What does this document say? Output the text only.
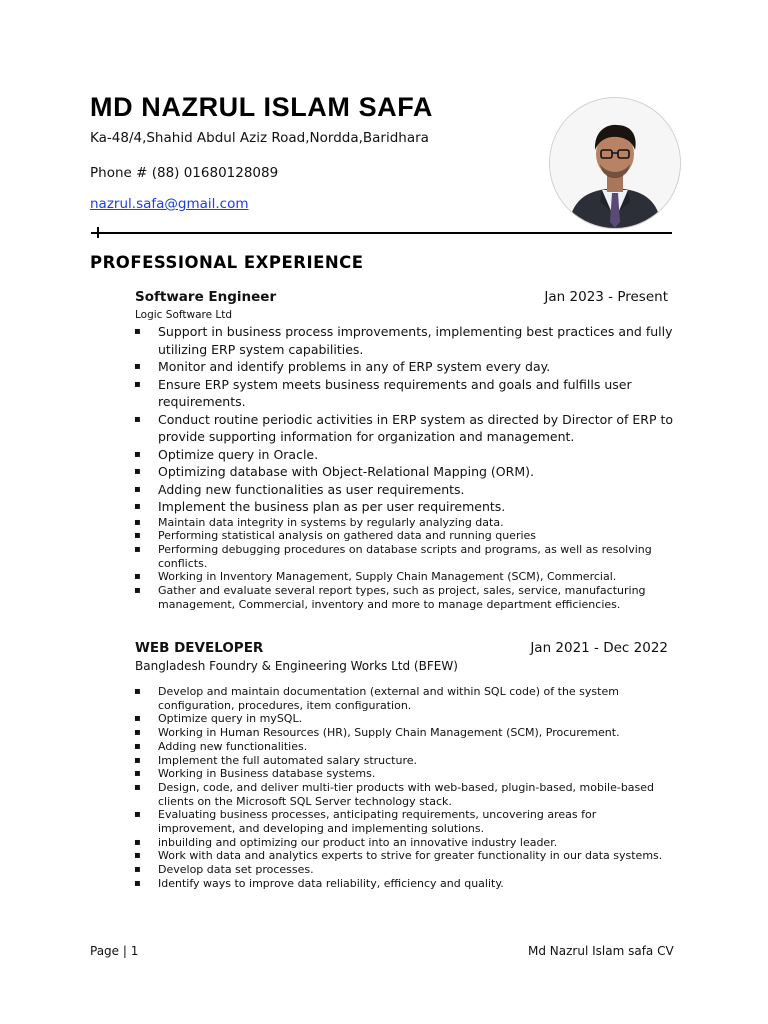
MD NAZRUL ISLAM SAFA
Ka-48/4,Shahid Abdul Aziz Road,Nordda,Baridhara
Phone # (88) 01680128089
nazrul.safa@gmail.com
PROFESSIONAL EXPERIENCE
Software Engineer	Jan 2023 - Present
Logic Software Ltd
▪ Support in business process improvements, implementing best practices and fully utilizing ERP system capabilities.
▪ Monitor and identify problems in any of ERP system every day.
▪ Ensure ERP system meets business requirements and goals and fulfills user requirements.
▪ Conduct routine periodic activities in ERP system as directed by Director of ERP to provide supporting information for organization and management.
▪ Optimize query in Oracle.
▪ Optimizing database with Object-Relational Mapping (ORM).
▪ Adding new functionalities as user requirements.
▪ Implement the business plan as per user requirements.
▪ Maintain data integrity in systems by regularly analyzing data.
▪ Performing statistical analysis on gathered data and running queries
▪ Performing debugging procedures on database scripts and programs, as well as resolving conflicts.
▪ Working in Inventory Management, Supply Chain Management (SCM), Commercial.
▪ Gather and evaluate several report types, such as project, sales, service, manufacturing management, Commercial, inventory and more to manage department efficiencies.
WEB DEVELOPER	Jan 2021 - Dec 2022
Bangladesh Foundry & Engineering Works Ltd (BFEW)
▪ Develop and maintain documentation (external and within SQL code) of the system configuration, procedures, item configuration.
▪ Optimize query in mySQL.
▪ Working in Human Resources (HR), Supply Chain Management (SCM), Procurement.
▪ Adding new functionalities.
▪ Implement the full automated salary structure.
▪ Working in Business database systems.
▪ Design, code, and deliver multi-tier products with web-based, plugin-based, mobile-based clients on the Microsoft SQL Server technology stack.
▪ Evaluating business processes, anticipating requirements, uncovering areas for improvement, and developing and implementing solutions.
▪ inbuilding and optimizing our product into an innovative industry leader.
▪ Work with data and analytics experts to strive for greater functionality in our data systems.
▪ Develop data set processes.
▪ Identify ways to improve data reliability, efficiency and quality.
Page | 1	Md Nazrul Islam safa CV
